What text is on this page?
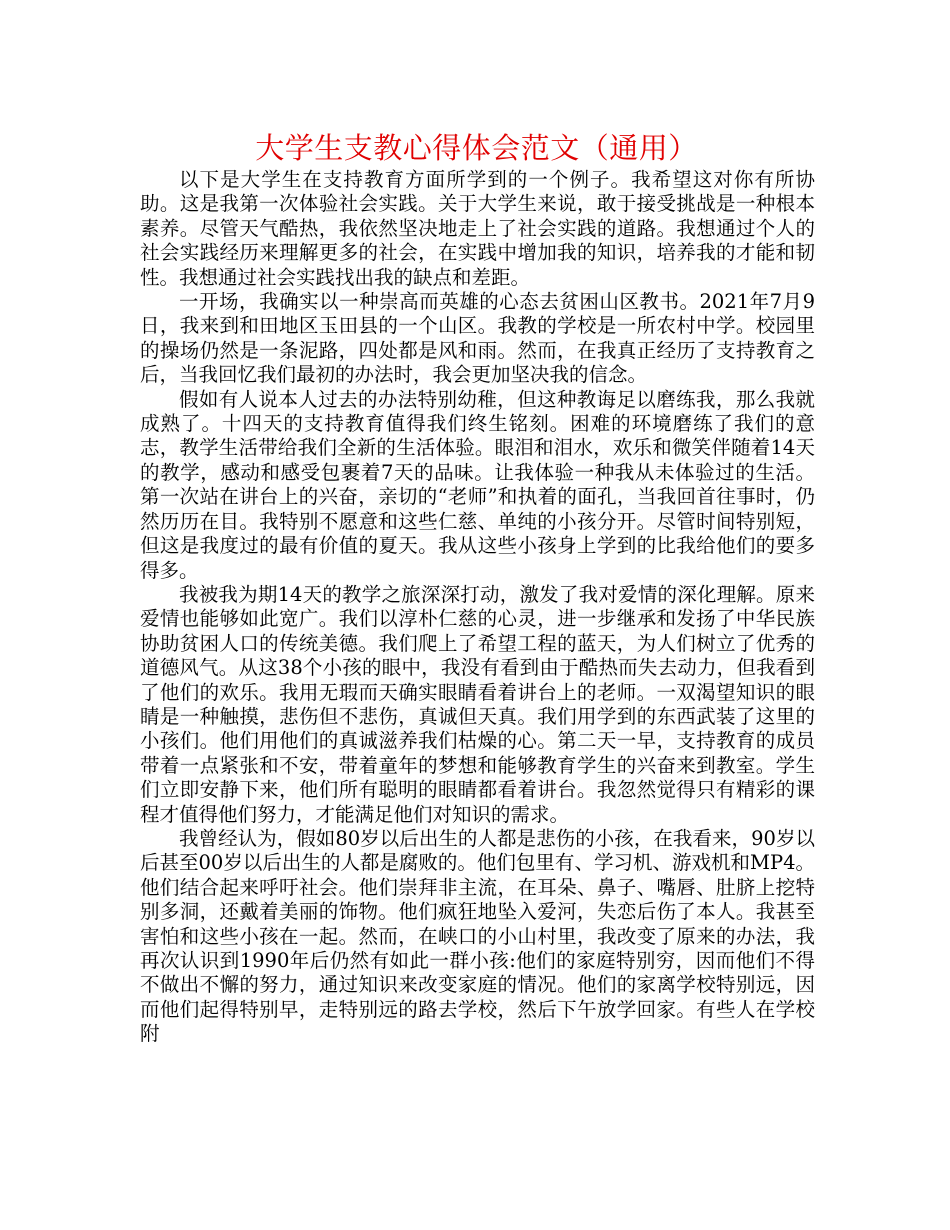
大学生支教心得体会范文（通用）

以下是大学生在支持教育方面所学到的一个例子。我希望这对你有所协助。这是我第一次体验社会实践。关于大学生来说，敢于接受挑战是一种根本素养。尽管天气酷热，我依然坚决地走上了社会实践的道路。我想通过个人的社会实践经历来理解更多的社会，在实践中增加我的知识，培养我的才能和韧性。我想通过社会实践找出我的缺点和差距。

一开场，我确实以一种崇高而英雄的心态去贫困山区教书。2021年7月9日，我来到和田地区玉田县的一个山区。我教的学校是一所农村中学。校园里的操场仍然是一条泥路，四处都是风和雨。然而，在我真正经历了支持教育之后，当我回忆我们最初的办法时，我会更加坚决我的信念。

假如有人说本人过去的办法特别幼稚，但这种教诲足以磨练我，那么我就成熟了。十四天的支持教育值得我们终生铭刻。困难的环境磨练了我们的意志，教学生活带给我们全新的生活体验。眼泪和泪水，欢乐和微笑伴随着14天的教学，感动和感受包裹着7天的品味。让我体验一种我从未体验过的生活。第一次站在讲台上的兴奋，亲切的“老师”和执着的面孔，当我回首往事时，仍然历历在目。我特别不愿意和这些仁慈、单纯的小孩分开。尽管时间特别短，但这是我度过的最有价值的夏天。我从这些小孩身上学到的比我给他们的要多得多。

我被我为期14天的教学之旅深深打动，激发了我对爱情的深化理解。原来爱情也能够如此宽广。我们以淳朴仁慈的心灵，进一步继承和发扬了中华民族协助贫困人口的传统美德。我们爬上了希望工程的蓝天，为人们树立了优秀的道德风气。从这38个小孩的眼中，我没有看到由于酷热而失去动力，但我看到了他们的欢乐。我用无瑕而天确实眼睛看着讲台上的老师。一双渴望知识的眼睛是一种触摸，悲伤但不悲伤，真诚但天真。我们用学到的东西武装了这里的小孩们。他们用他们的真诚滋养我们枯燥的心。第二天一早，支持教育的成员带着一点紧张和不安，带着童年的梦想和能够教育学生的兴奋来到教室。学生们立即安静下来，他们所有聪明的眼睛都看着讲台。我忽然觉得只有精彩的课程才值得他们努力，才能满足他们对知识的需求。

我曾经认为，假如80岁以后出生的人都是悲伤的小孩，在我看来，90岁以后甚至00岁以后出生的人都是腐败的。他们包里有、学习机、游戏机和MP4。他们结合起来呼吁社会。他们崇拜非主流，在耳朵、鼻子、嘴唇、肚脐上挖特别多洞，还戴着美丽的饰物。他们疯狂地坠入爱河，失恋后伤了本人。我甚至害怕和这些小孩在一起。然而，在峡口的小山村里，我改变了原来的办法，我再次认识到1990年后仍然有如此一群小孩:他们的家庭特别穷，因而他们不得不做出不懈的努力，通过知识来改变家庭的情况。他们的家离学校特别远，因而他们起得特别早，走特别远的路去学校，然后下午放学回家。有些人在学校附
